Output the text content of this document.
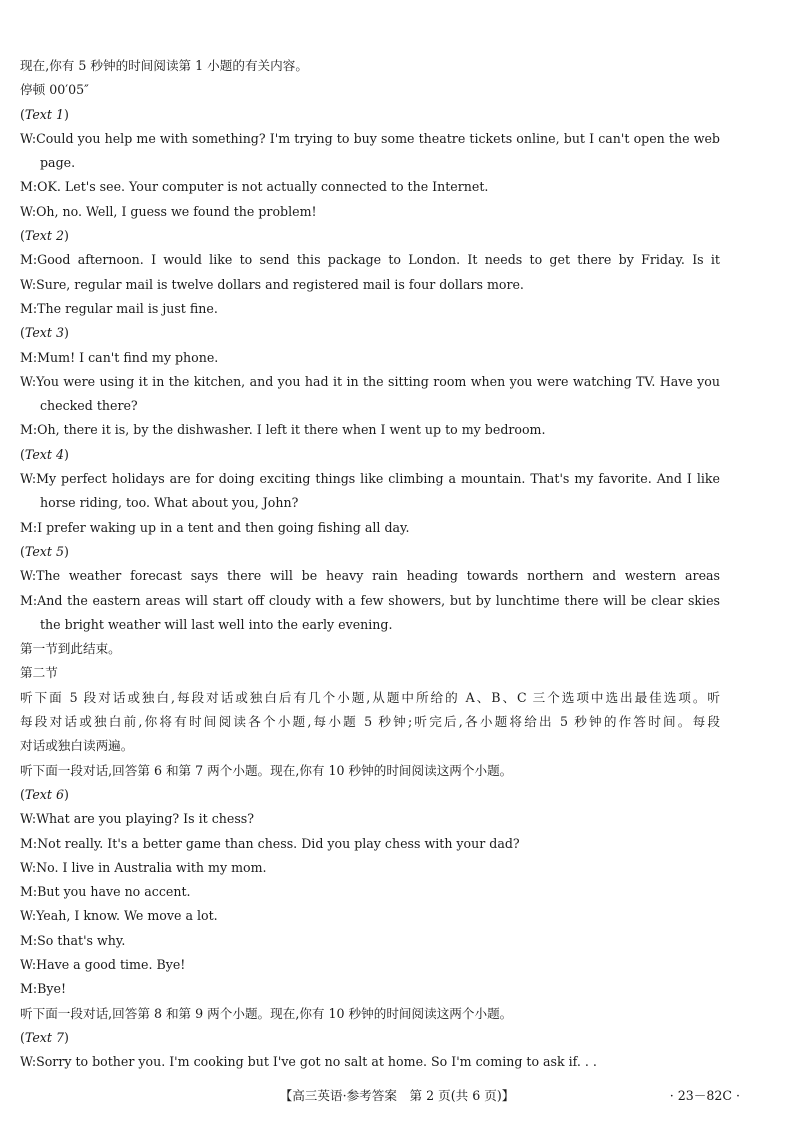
现在,你有 5 秒钟的时间阅读第 1 小题的有关内容。
停顿 00′05″
(Text 1)
W:Could you help me with something? I'm trying to buy some theatre tickets online, but I can't open the web
page.
M:OK. Let's see. Your computer is not actually connected to the Internet.
W:Oh, no. Well, I guess we found the problem!
(Text 2)
M:Good afternoon. I would like to send this package to London. It needs to get there by Friday. Is it
W:Sure, regular mail is twelve dollars and registered mail is four dollars more.
M:The regular mail is just fine.
(Text 3)
M:Mum! I can't find my phone.
W:You were using it in the kitchen, and you had it in the sitting room when you were watching TV. Have you
checked there?
M:Oh, there it is, by the dishwasher. I left it there when I went up to my bedroom.
(Text 4)
W:My perfect holidays are for doing exciting things like climbing a mountain. That's my favorite. And I like
horse riding, too. What about you, John?
M:I prefer waking up in a tent and then going fishing all day.
(Text 5)
W:The weather forecast says there will be heavy rain heading towards northern and western areas
M:And the eastern areas will start off cloudy with a few showers, but by lunchtime there will be clear skies
the bright weather will last well into the early evening.
第一节到此结束。
第二节
听下面 5 段对话或独白,每段对话或独白后有几个小题,从题中所给的 A、B、C 三个选项中选出最佳选项。听
每段对话或独白前,你将有时间阅读各个小题,每小题 5 秒钟;听完后,各小题将给出 5 秒钟的作答时间。每段
对话或独白读两遍。
听下面一段对话,回答第 6 和第 7 两个小题。现在,你有 10 秒钟的时间阅读这两个小题。
(Text 6)
W:What are you playing? Is it chess?
M:Not really. It's a better game than chess. Did you play chess with your dad?
W:No. I live in Australia with my mom.
M:But you have no accent.
W:Yeah, I know. We move a lot.
M:So that's why.
W:Have a good time. Bye!
M:Bye!
听下面一段对话,回答第 8 和第 9 两个小题。现在,你有 10 秒钟的时间阅读这两个小题。
(Text 7)
W:Sorry to bother you. I'm cooking but I've got no salt at home. So I'm coming to ask if. . .
【高三英语·参考答案　第 2 页(共 6 页)】	· 23－82C ·
